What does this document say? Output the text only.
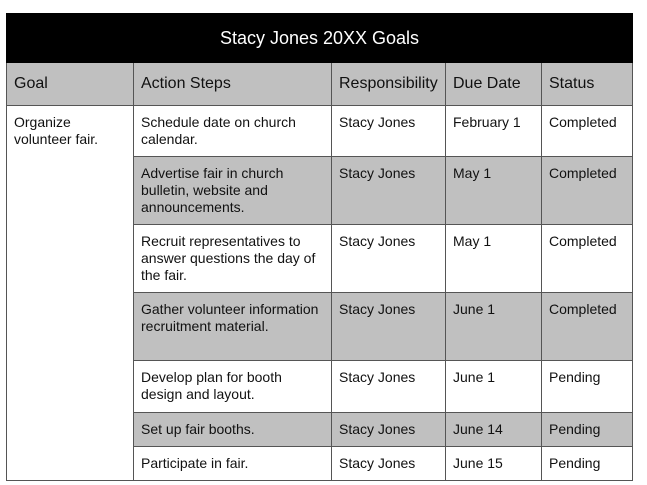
Stacy Jones 20XX Goals				
Goal	Action Steps	Responsibility	Due Date	Status
Organize volunteer fair.	Schedule date on church calendar.	Stacy Jones	February 1	Completed
	Advertise fair in church bulletin, website and announcements.	Stacy Jones	May 1	Completed
	Recruit representatives to answer questions the day of the fair.	Stacy Jones	May 1	Completed
	Gather volunteer information recruitment material.	Stacy Jones	June 1	Completed
	Develop plan for booth design and layout.	Stacy Jones	June 1	Pending
	Set up fair booths.	Stacy Jones	June 14	Pending
	Participate in fair.	Stacy Jones	June 15	Pending
